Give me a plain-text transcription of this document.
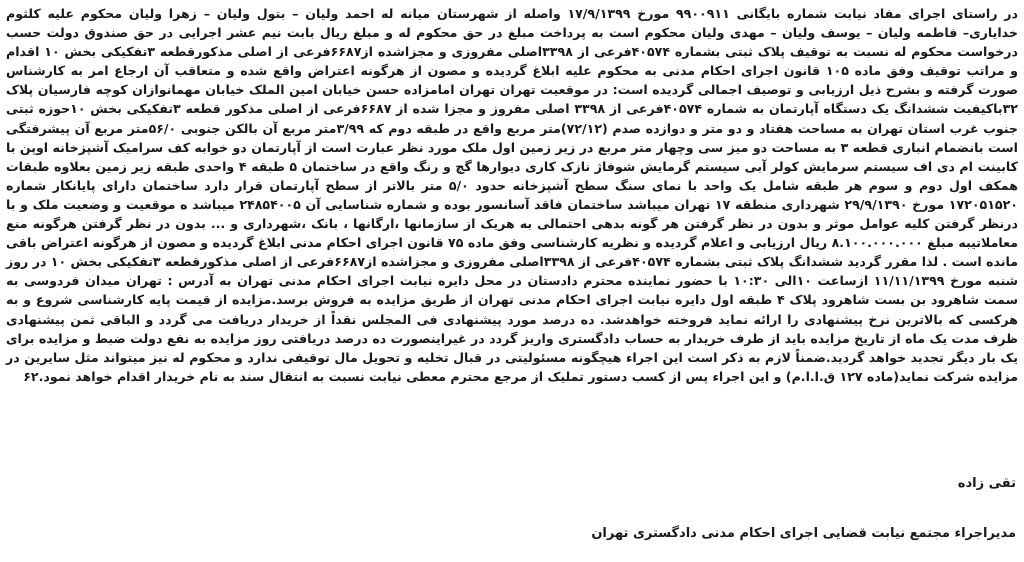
در راستای اجرای مفاد نیابت شماره بایگانی ۹۹۰۰۹۱۱ مورخ ۱۷/۹/۱۳۹۹ واصله از شهرستان میانه له احمد ولیان – بتول ولیان – زهرا ولیان محکوم علیه کلثوم خدایاری– فاطمه ولیان – یوسف ولیان – مهدی ولیان محکوم است به پرداخت مبلغ در حق محکوم له و مبلغ ریال بابت نیم عشر اجرایی در حق صندوق دولت حسب درخواست محکوم له نسبت به توقیف پلاک ثبتی بشماره ۴۰۵۷۴فرعی از ۳۳۹۸اصلی مفروزی و مجزاشده از۶۶۸۷فرعی از اصلی مذکورقطعه ۳تفکیکی بخش ۱۰ اقدام و مراتب توقیف وفق ماده ۱۰۵ قانون اجرای احکام مدنی به محکوم علیه ابلاغ گردیده و مصون از هرگونه اعتراض واقع شده و متعاقب آن ارجاع امر به کارشناس صورت گرفته و بشرح ذیل ارزیابی و توصیف اجمالی گردیده است: در موقعیت تهران تهران امامزاده حسن خیابان امین الملک خیابان مهمانوازان کوچه فارسیان پلاک ۳۲باکیفیت ششدانگ یک دستگاه آپارتمان به شماره ۴۰۵۷۴فرعی از ۳۳۹۸ اصلی مفروز و مجزا شده از ۶۶۸۷فرعی از اصلی مذکور قطعه ۳تفکیکی بخش ۱۰حوزه ثبتی جنوب غرب استان تهران به مساحت هفتاد و دو متر و دوازده صدم (۷۲/۱۲)متر مربع واقع در طبقه دوم که ۳/۹۹متر مربع آن بالکن جنوبی ۵۶/۰متر مربع آن پیشرفتگی است بانضمام انباری قطعه ۳ به مساحت دو میز سی وچهار متر مربع در زیر زمین اول ملک مورد نظر عبارت است از آپارتمان دو خوابه کف سرامیک آشپزخانه اوپن با کابینت ام دی اف سیستم سرمایش کولر آبی سیستم گرمایش شوفاژ نازک کاری دیوارها گچ و رنگ واقع در ساختمان ۵ طبقه ۴ واحدی طبقه زیر زمین بعلاوه طبقات همکف اول دوم و سوم هر طبقه شامل یک واحد با نمای سنگ سطح آشپزخانه حدود ۵/۰ متر بالاتر از سطح آپارتمان قرار دارد ساختمان دارای پایانکار شماره ۱۷۲۰۵۱۵۲۰ مورخ ۲۹/۹/۱۳۹۰ شهرداری منطقه ۱۷ تهران میباشد ساختمان فاقد آسانسور بوده و شماره شناسایی آن ۲۴۸۵۴۰۰۵ میباشد ه موقعیت و وضعیت ملک و با درنظر گرفتن کلیه عوامل موثر و بدون در نظر گرفتن هر گونه بدهی احتمالی به هریک از سازمانها ،ارگانها ، بانک ،شهرداری و ... بدون در نظر گرفتن هرگونه منع معاملاتیبه مبلغ ۸.۱۰۰.۰۰۰.۰۰۰ ریال ارزیابی و اعلام گردیده و نظریه کارشناسی وفق ماده ۷۵ قانون اجرای احکام مدنی ابلاغ گردیده و مصون از هرگونه اعتراض باقی مانده است . لذا مقرر گردید ششدانگ پلاک ثبتی بشماره ۴۰۵۷۴فرعی از ۳۳۹۸اصلی مفروزی و مجزاشده از۶۶۸۷فرعی از اصلی مذکورقطعه ۳تفکیکی بخش ۱۰ در روز شنبه مورخ ۱۱/۱۱/۱۳۹۹ ازساعت ۱۰الی ۱۰:۳۰ با حضور نماینده محترم دادستان در محل دایره نیابت اجرای احکام مدنی تهران به آدرس : تهران میدان فردوسی به سمت شاهرود بن بست شاهرود پلاک ۴ طبقه اول دایره نیابت اجرای احکام مدنی تهران از طریق مزایده به فروش برسد.مزایده از قیمت پایه کارشناسی شروع و به هرکسی که بالاترین نرخ پیشنهادی را ارائه نماید فروخته خواهدشد. ده درصد مورد پیشنهادی فی المجلس نقداً از خریدار دریافت می گردد و الباقی ثمن پیشنهادی ظرف مدت یک ماه از تاریخ مزایده باید از طرف خریدار به حساب دادگستری واریز گردد در غیراینصورت ده درصد دریافتی روز مزایده به نفع دولت ضبط و مزایده برای یک بار دیگر تجدید خواهد گردید.ضمناً لازم به ذکر است این اجراء هیچگونه مسئولیتی در قبال تخلیه و تحویل مال توقیفی ندارد و محکوم له نیز میتواند مثل سایرین در مزایده شرکت نماید(ماده ۱۲۷ ق.ا.ا.م) و این اجراء پس از کسب دستور تملیک از مرجع محترم معطی نیابت نسبت به انتقال سند به نام خریدار اقدام خواهد نمود.۶۲

تقی زاده
مدیراجراء مجتمع نیابت قضایی اجرای احکام مدنی دادگستری تهران
